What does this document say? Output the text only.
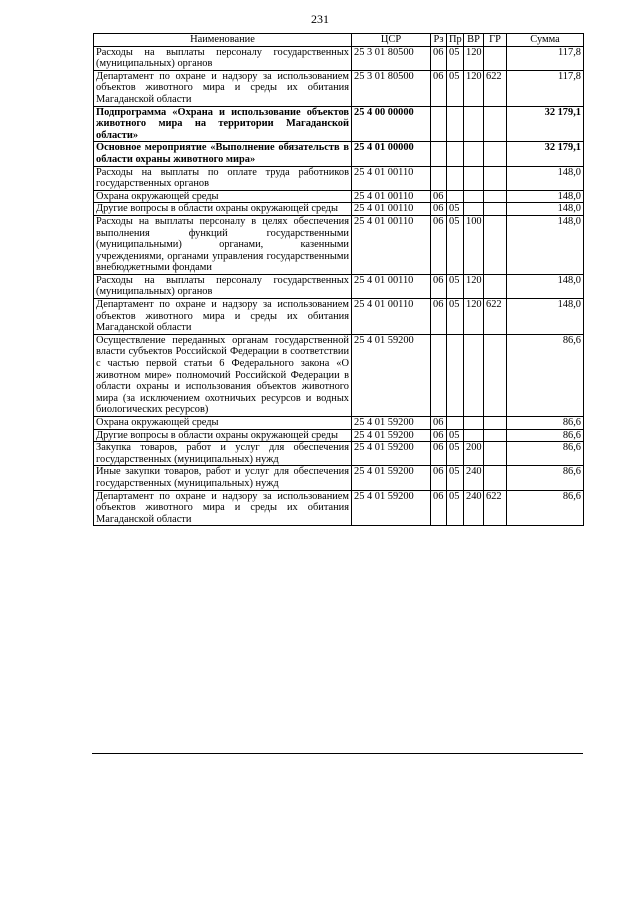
231
Наименование	ЦСР	Рз	Пр	ВР	ГР	Сумма
Расходы на выплаты персоналу государственных (муниципальных) органов	25 3 01 80500	06	05	120		117,8
Департамент по охране и надзору за использованием объектов животного мира и среды их обитания Магаданской области	25 3 01 80500	06	05	120	622	117,8
Подпрограмма «Охрана и использование объектов животного мира на территории Магаданской области»	25 4 00 00000					32 179,1
Основное мероприятие «Выполнение обязательств в области охраны животного мира»	25 4 01 00000					32 179,1
Расходы на выплаты по оплате труда работников государственных органов	25 4 01 00110					148,0
Охрана окружающей среды	25 4 01 00110	06				148,0
Другие вопросы в области охраны окружающей среды	25 4 01 00110	06	05			148,0
Расходы на выплаты персоналу в целях обеспечения выполнения функций государственными (муниципальными) органами, казенными учреждениями, органами управления государственными внебюджетными фондами	25 4 01 00110	06	05	100		148,0
Расходы на выплаты персоналу государственных (муниципальных) органов	25 4 01 00110	06	05	120		148,0
Департамент по охране и надзору за использованием объектов животного мира и среды их обитания Магаданской области	25 4 01 00110	06	05	120	622	148,0
Осуществление переданных органам государственной власти субъектов Российской Федерации в соответствии с частью первой статьи 6 Федерального закона «О животном мире» полномочий Российской Федерации в области охраны и использования объектов животного мира (за исключением охотничьих ресурсов и водных биологических ресурсов)	25 4 01 59200					86,6
Охрана окружающей среды	25 4 01 59200	06				86,6
Другие вопросы в области охраны окружающей среды	25 4 01 59200	06	05			86,6
Закупка товаров, работ и услуг для обеспечения государственных (муниципальных) нужд	25 4 01 59200	06	05	200		86,6
Иные закупки товаров, работ и услуг для обеспечения государственных (муниципальных) нужд	25 4 01 59200	06	05	240		86,6
Департамент по охране и надзору за использованием объектов животного мира и среды их обитания Магаданской области	25 4 01 59200	06	05	240	622	86,6
